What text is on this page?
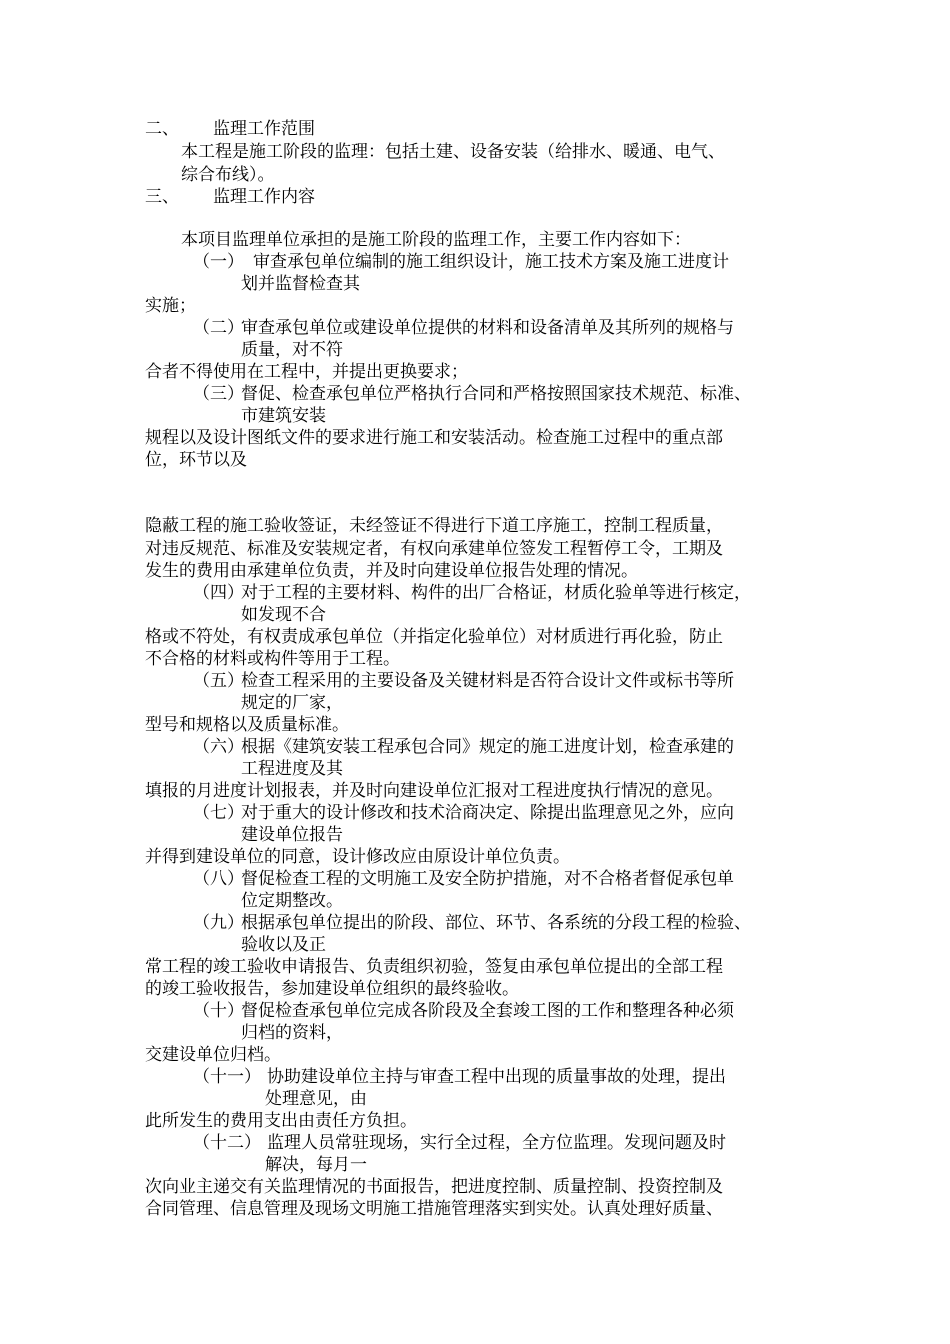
二、 监理工作范围
本工程是施工阶段的监理：包括土建、设备安装（给排水、暖通、电气、
综合布线）。
三、 监理工作内容
本项目监理单位承担的是施工阶段的监理工作，主要工作内容如下：
（一） 审查承包单位编制的施工组织设计，施工技术方案及施工进度计
划并监督检查其
实施；
（二）审查承包单位或建设单位提供的材料和设备清单及其所列的规格与
质量，对不符
合者不得使用在工程中，并提出更换要求；
（三）督促、检查承包单位严格执行合同和严格按照国家技术规范、标准、
市建筑安装
规程以及设计图纸文件的要求进行施工和安装活动。检查施工过程中的重点部
位，环节以及
隐蔽工程的施工验收签证，未经签证不得进行下道工序施工，控制工程质量，
对违反规范、标准及安装规定者，有权向承建单位签发工程暂停工令，工期及
发生的费用由承建单位负责，并及时向建设单位报告处理的情况。
（四）对于工程的主要材料、构件的出厂合格证，材质化验单等进行核定，
如发现不合
格或不符处，有权责成承包单位（并指定化验单位）对材质进行再化验，防止
不合格的材料或构件等用于工程。
（五）检查工程采用的主要设备及关键材料是否符合设计文件或标书等所
规定的厂家，
型号和规格以及质量标准。
（六）根据《建筑安装工程承包合同》规定的施工进度计划，检查承建的
工程进度及其
填报的月进度计划报表，并及时向建设单位汇报对工程进度执行情况的意见。
（七）对于重大的设计修改和技术洽商决定、除提出监理意见之外，应向
建设单位报告
并得到建设单位的同意，设计修改应由原设计单位负责。
（八）督促检查工程的文明施工及安全防护措施，对不合格者督促承包单
位定期整改。
（九）根据承包单位提出的阶段、部位、环节、各系统的分段工程的检验、
验收以及正
常工程的竣工验收申请报告、负责组织初验，签复由承包单位提出的全部工程
的竣工验收报告，参加建设单位组织的最终验收。
（十）督促检查承包单位完成各阶段及全套竣工图的工作和整理各种必须
归档的资料，
交建设单位归档。
（十一） 协助建设单位主持与审查工程中出现的质量事故的处理，提出
处理意见，由
此所发生的费用支出由责任方负担。
（十二） 监理人员常驻现场，实行全过程，全方位监理。发现问题及时
解决，每月一
次向业主递交有关监理情况的书面报告，把进度控制、质量控制、投资控制及
合同管理、信息管理及现场文明施工措施管理落实到实处。认真处理好质量、
